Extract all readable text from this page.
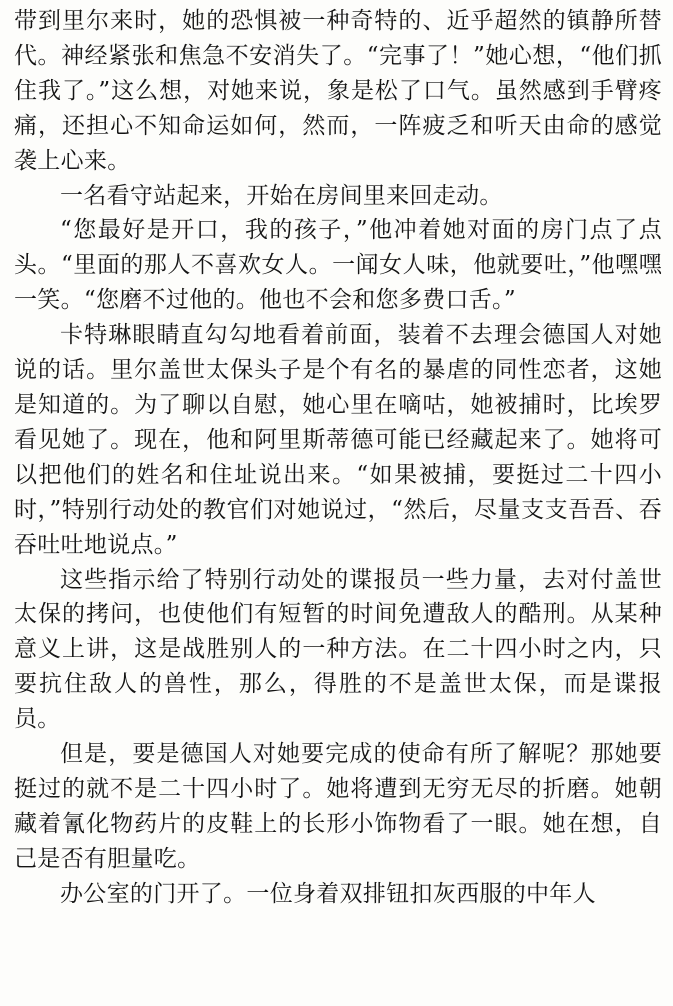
带到里尔来时，她的恐惧被一种奇特的、近乎超然的镇静所替代。神经紧张和焦急不安消失了。“完事了！”她心想，“他们抓住我了。”这么想，对她来说，象是松了口气。虽然感到手臂疼痛，还担心不知命运如何，然而，一阵疲乏和听天由命的感觉袭上心来。

一名看守站起来，开始在房间里来回走动。

“您最好是开口，我的孩子，”他冲着她对面的房门点了点头。“里面的那人不喜欢女人。一闻女人味，他就要吐，”他嘿嘿一笑。“您磨不过他的。他也不会和您多费口舌。”

卡特琳眼睛直勾勾地看着前面，装着不去理会德国人对她说的话。里尔盖世太保头子是个有名的暴虐的同性恋者，这她是知道的。为了聊以自慰，她心里在嘀咕，她被捕时，比埃罗看见她了。现在，他和阿里斯蒂德可能已经藏起来了。她将可以把他们的姓名和住址说出来。“如果被捕，要挺过二十四小时，”特别行动处的教官们对她说过，“然后，尽量支支吾吾、吞吞吐吐地说点。”

这些指示给了特别行动处的谍报员一些力量，去对付盖世太保的拷问，也使他们有短暂的时间免遭敌人的酷刑。从某种意义上讲，这是战胜别人的一种方法。在二十四小时之内，只要抗住敌人的兽性，那么，得胜的不是盖世太保，而是谍报员。

但是，要是德国人对她要完成的使命有所了解呢？那她要挺过的就不是二十四小时了。她将遭到无穷无尽的折磨。她朝藏着氰化物药片的皮鞋上的长形小饰物看了一眼。她在想，自己是否有胆量吃。

办公室的门开了。一位身着双排钮扣灰西服的中年人
